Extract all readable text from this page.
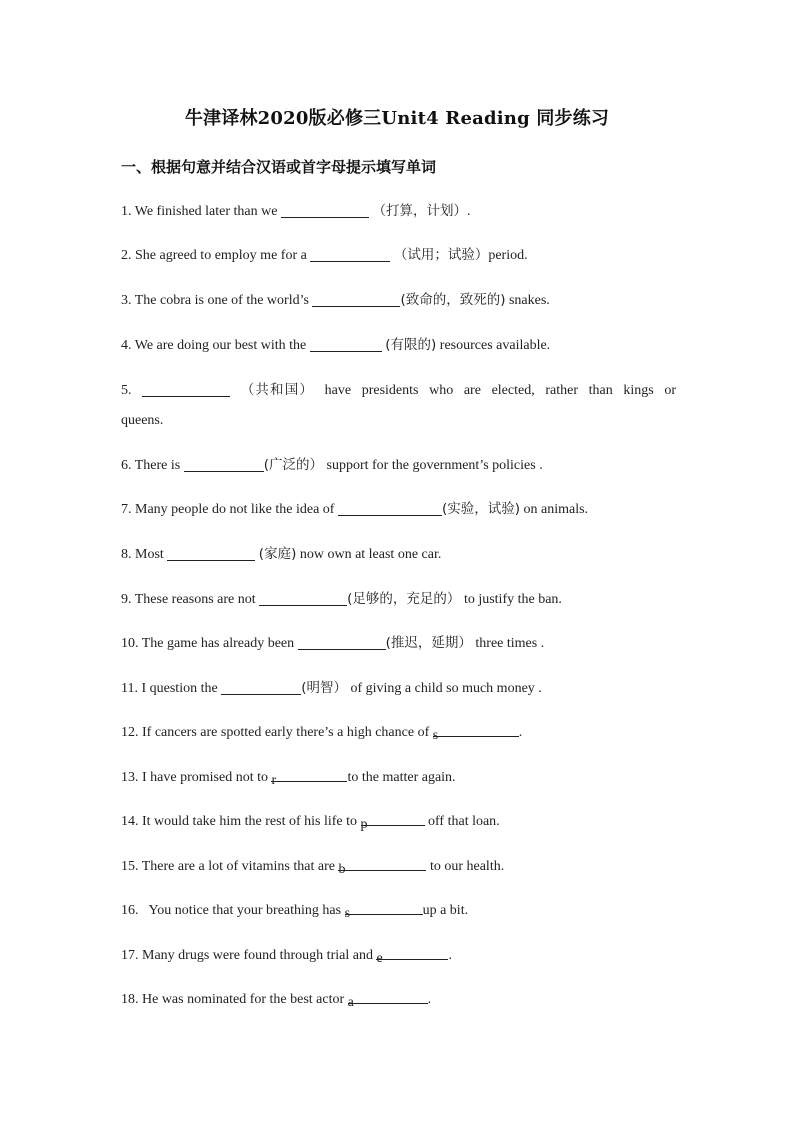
牛津译林2020版必修三Unit4 Reading 同步练习
一、根据句意并结合汉语或首字母提示填写单词
1. We finished later than we	（打算，计划）.
2. She agreed to employ me for a	（试用；试验）period.
3. The cobra is one of the world’s	(致命的，致死的) snakes.
4. We are doing our best with the	(有限的) resources available.
5.	（共和国） have presidents who are elected, rather than kings or queens.
6. There is	(广泛的） support for the government’s policies .
7. Many people do not like the idea of	(实验，试验) on animals.
8. Most	(家庭) now own at least one car.
9. These reasons are not	(足够的，充足的） to justify the ban.
10. The game has already been	(推迟，延期） three times .
11. I question the	(明智） of giving a child so much money .
12. If cancers are spotted early there’s a high chance of s	.
13. I have promised not to r	to the matter again.
14. It would take him the rest of his life to p	off that loan.
15. There are a lot of vitamins that are b	to our health.
16.   You notice that your breathing has s	up a bit.
17. Many drugs were found through trial and e	.
18. He was nominated for the best actor a	.
